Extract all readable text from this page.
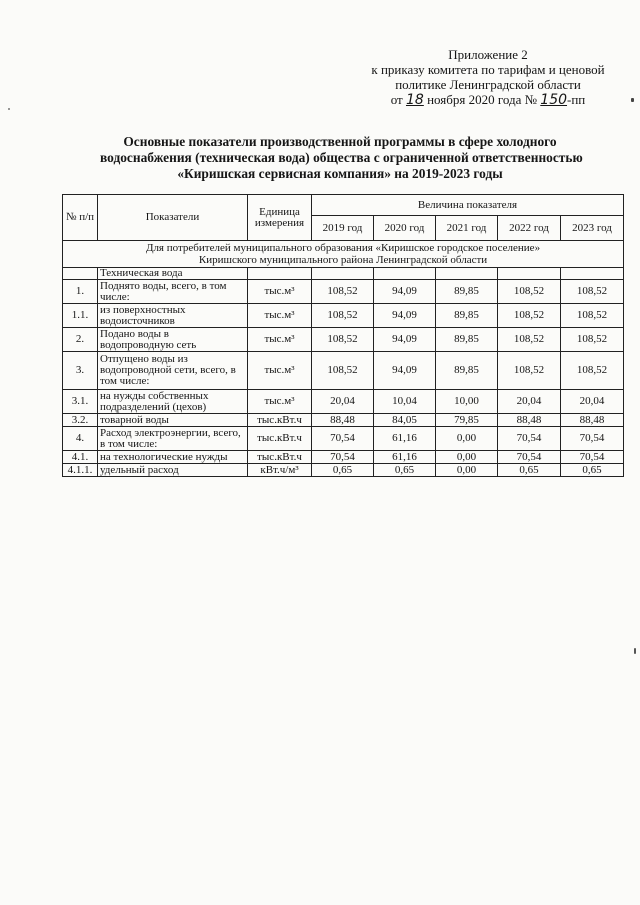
Приложение 2
к приказу комитета по тарифам и ценовой
политике Ленинградской области
от 18 ноября 2020 года № 150-пп
Основные показатели производственной программы в сфере холодного
водоснабжения (техническая вода) общества с ограниченной ответственностью
«Киришская сервисная компания» на 2019-2023 годы
№ п/п	Показатели	Единица измерения	Величина показателя				
			2019 год	2020 год	2021 год	2022 год	2023 год

Для потребителей муниципального образования «Киришское городское поселение»
Киришского муниципального района Ленинградской области							

	Техническая вода						
1.	Поднято воды, всего, в том числе:	тыс.м³	108,52	94,09	89,85	108,52	108,52
1.1.	из поверхностных водоисточников	тыс.м³	108,52	94,09	89,85	108,52	108,52
2.	Подано воды в водопроводную сеть	тыс.м³	108,52	94,09	89,85	108,52	108,52
3.	Отпущено воды из водопроводной сети, всего, в том числе:	тыс.м³	108,52	94,09	89,85	108,52	108,52
3.1.	на нужды собственных подразделений (цехов)	тыс.м³	20,04	10,04	10,00	20,04	20,04
3.2.	товарной воды	тыс.кВт.ч	88,48	84,05	79,85	88,48	88,48
4.	Расход электроэнергии, всего, в том числе:	тыс.кВт.ч	70,54	61,16	0,00	70,54	70,54
4.1.	на технологические нужды	тыс.кВт.ч	70,54	61,16	0,00	70,54	70,54
4.1.1.	удельный расход	кВт.ч/м³	0,65	0,65	0,00	0,65	0,65
